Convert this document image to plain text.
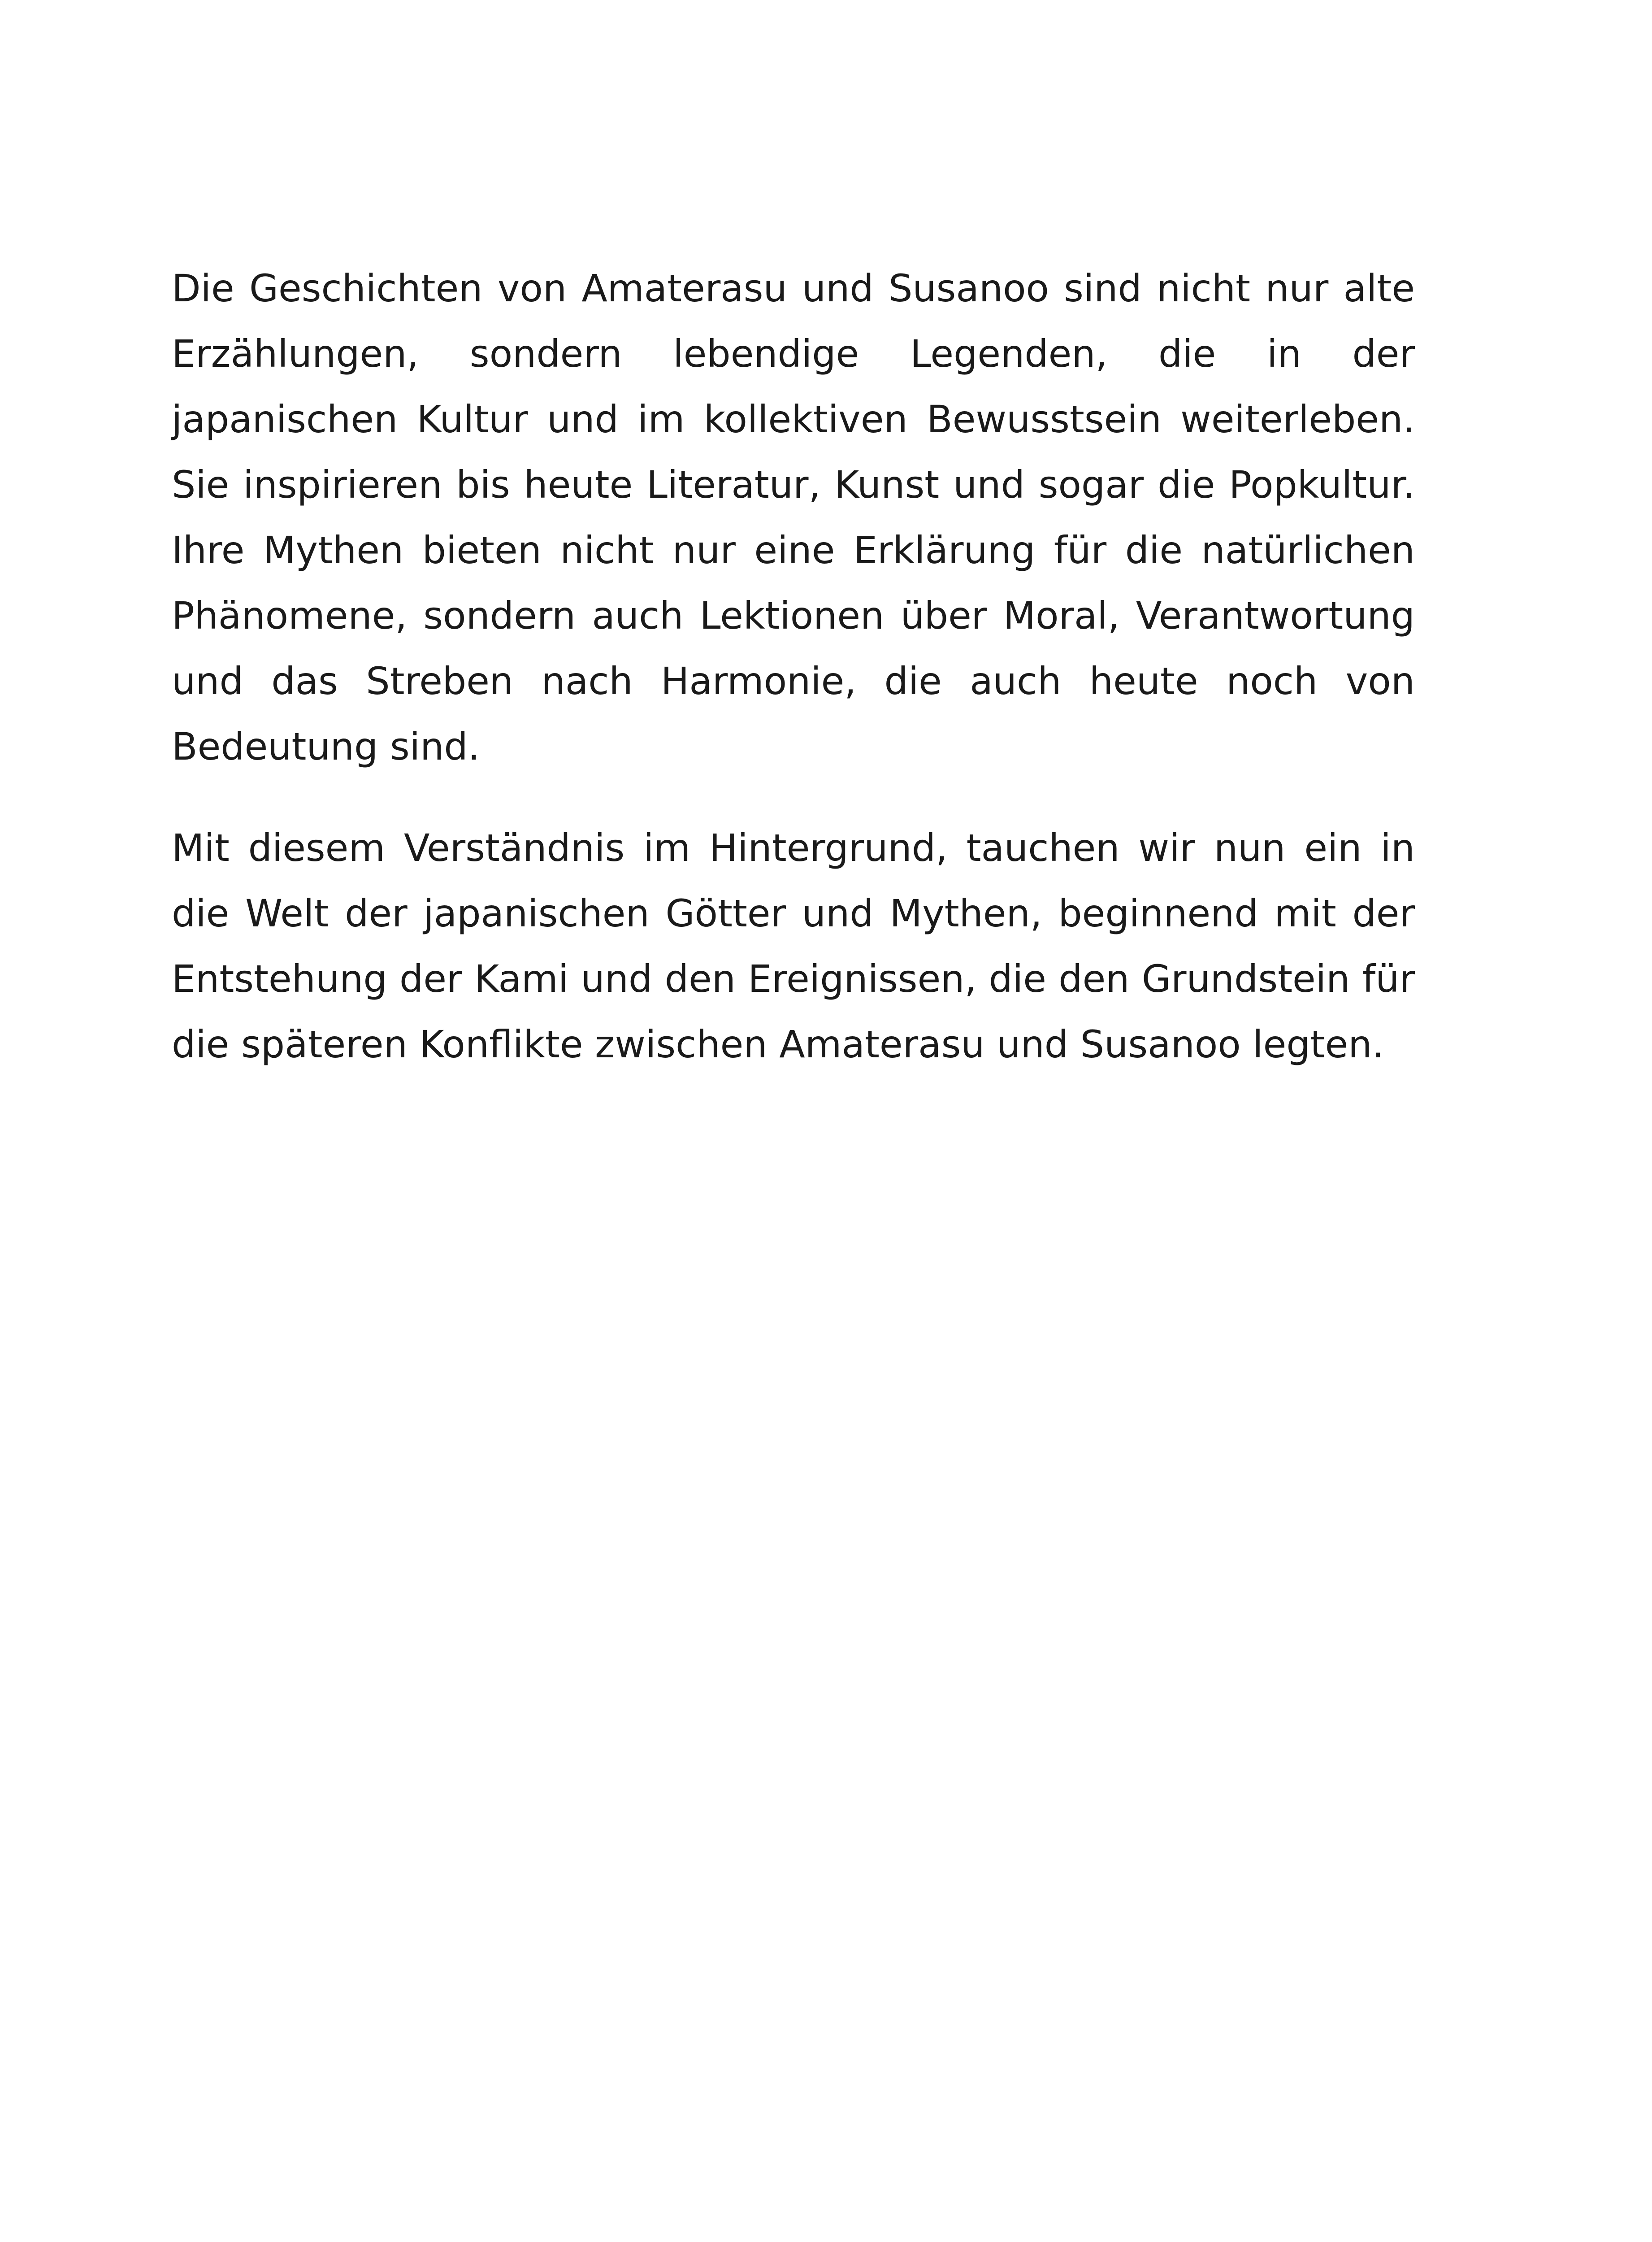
Die Geschichten von Amaterasu und Susanoo sind nicht nur alte Erzählungen, sondern lebendige Legenden, die in der japanischen Kultur und im kollektiven Bewusstsein weiterleben. Sie inspirieren bis heute Literatur, Kunst und sogar die Popkultur. Ihre Mythen bieten nicht nur eine Erklärung für die natürlichen Phänomene, sondern auch Lektionen über Moral, Verantwortung und das Streben nach Harmonie, die auch heute noch von Bedeutung sind.

Mit diesem Verständnis im Hintergrund, tauchen wir nun ein in die Welt der japanischen Götter und Mythen, beginnend mit der Entstehung der Kami und den Ereignissen, die den Grundstein für die späteren Konflikte zwischen Amaterasu und Susanoo legten.
